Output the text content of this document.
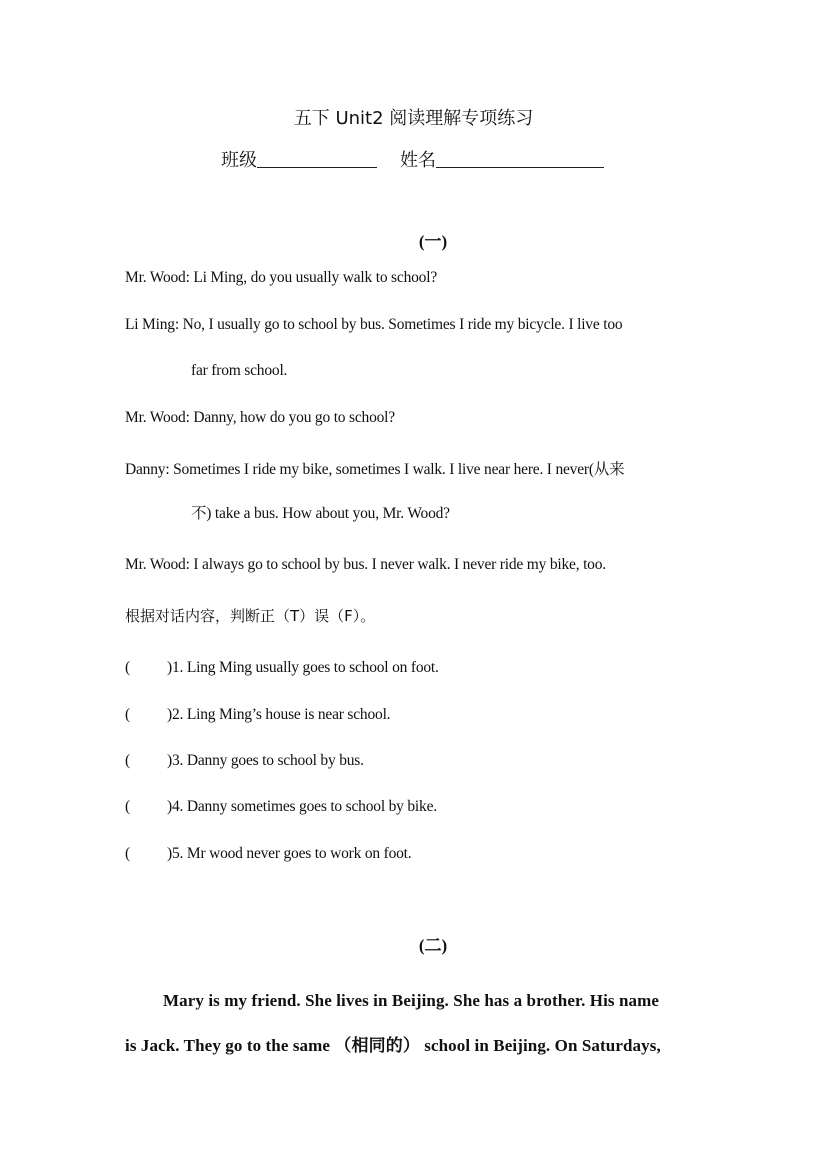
五下 Unit2 阅读理解专项练习
班级	姓名
(一)
Mr. Wood: Li Ming, do you usually walk to school?
Li Ming: No, I usually go to school by bus. Sometimes I ride my bicycle. I live too
far from school.
Mr. Wood: Danny, how do you go to school?
Danny: Sometimes I ride my bike, sometimes I walk. I live near here. I never(从来
不) take a bus. How about you, Mr. Wood?
Mr. Wood: I always go to school by bus. I never walk. I never ride my bike, too.
根据对话内容，判断正（T）误（F）。
( )1. Ling Ming usually goes to school on foot.
( )2. Ling Ming’s house is near school.
( )3. Danny goes to school by bus.
( )4. Danny sometimes goes to school by bike.
( )5. Mr wood never goes to work on foot.
(二)
Mary is my friend. She lives in Beijing. She has a brother. His name
is Jack. They go to the same （相同的） school in Beijing. On Saturdays,
